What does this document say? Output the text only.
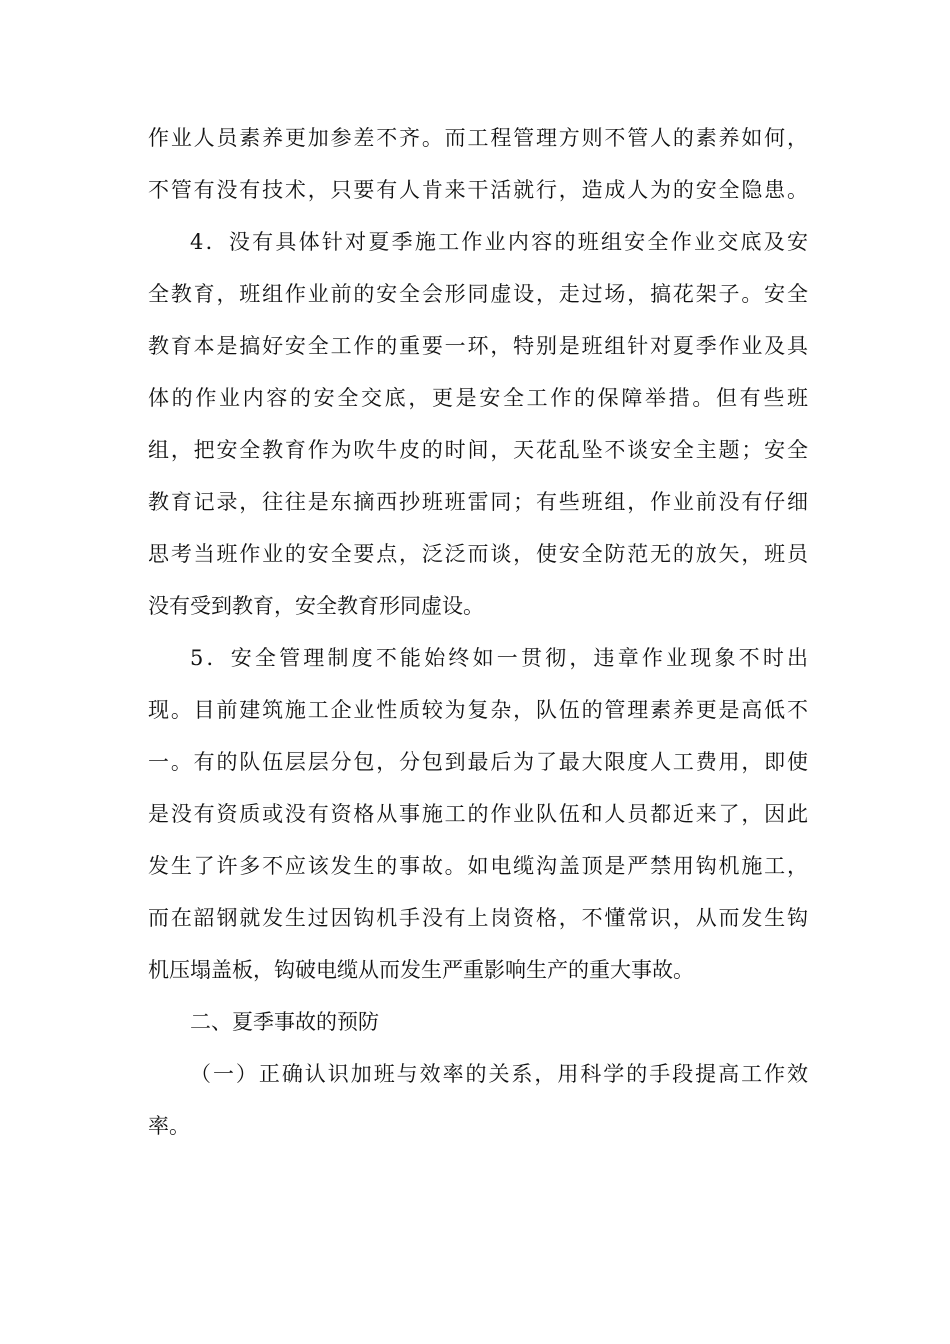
作业人员素养更加参差不齐。而工程管理方则不管人的素养如何，
不管有没有技术，只要有人肯来干活就行，造成人为的安全隐患。
4．没有具体针对夏季施工作业内容的班组安全作业交底及安
全教育，班组作业前的安全会形同虚设，走过场，搞花架子。安全
教育本是搞好安全工作的重要一环，特别是班组针对夏季作业及具
体的作业内容的安全交底，更是安全工作的保障举措。但有些班
组，把安全教育作为吹牛皮的时间，天花乱坠不谈安全主题；安全
教育记录，往往是东摘西抄班班雷同；有些班组，作业前没有仔细
思考当班作业的安全要点，泛泛而谈，使安全防范无的放矢，班员
没有受到教育，安全教育形同虚设。
5．安全管理制度不能始终如一贯彻，违章作业现象不时出
现。目前建筑施工企业性质较为复杂，队伍的管理素养更是高低不
一。有的队伍层层分包，分包到最后为了最大限度人工费用，即使
是没有资质或没有资格从事施工的作业队伍和人员都近来了，因此
发生了许多不应该发生的事故。如电缆沟盖顶是严禁用钩机施工，
而在韶钢就发生过因钩机手没有上岗资格，不懂常识，从而发生钩
机压塌盖板，钩破电缆从而发生严重影响生产的重大事故。
二、夏季事故的预防
（一）正确认识加班与效率的关系，用科学的手段提高工作效
率。
